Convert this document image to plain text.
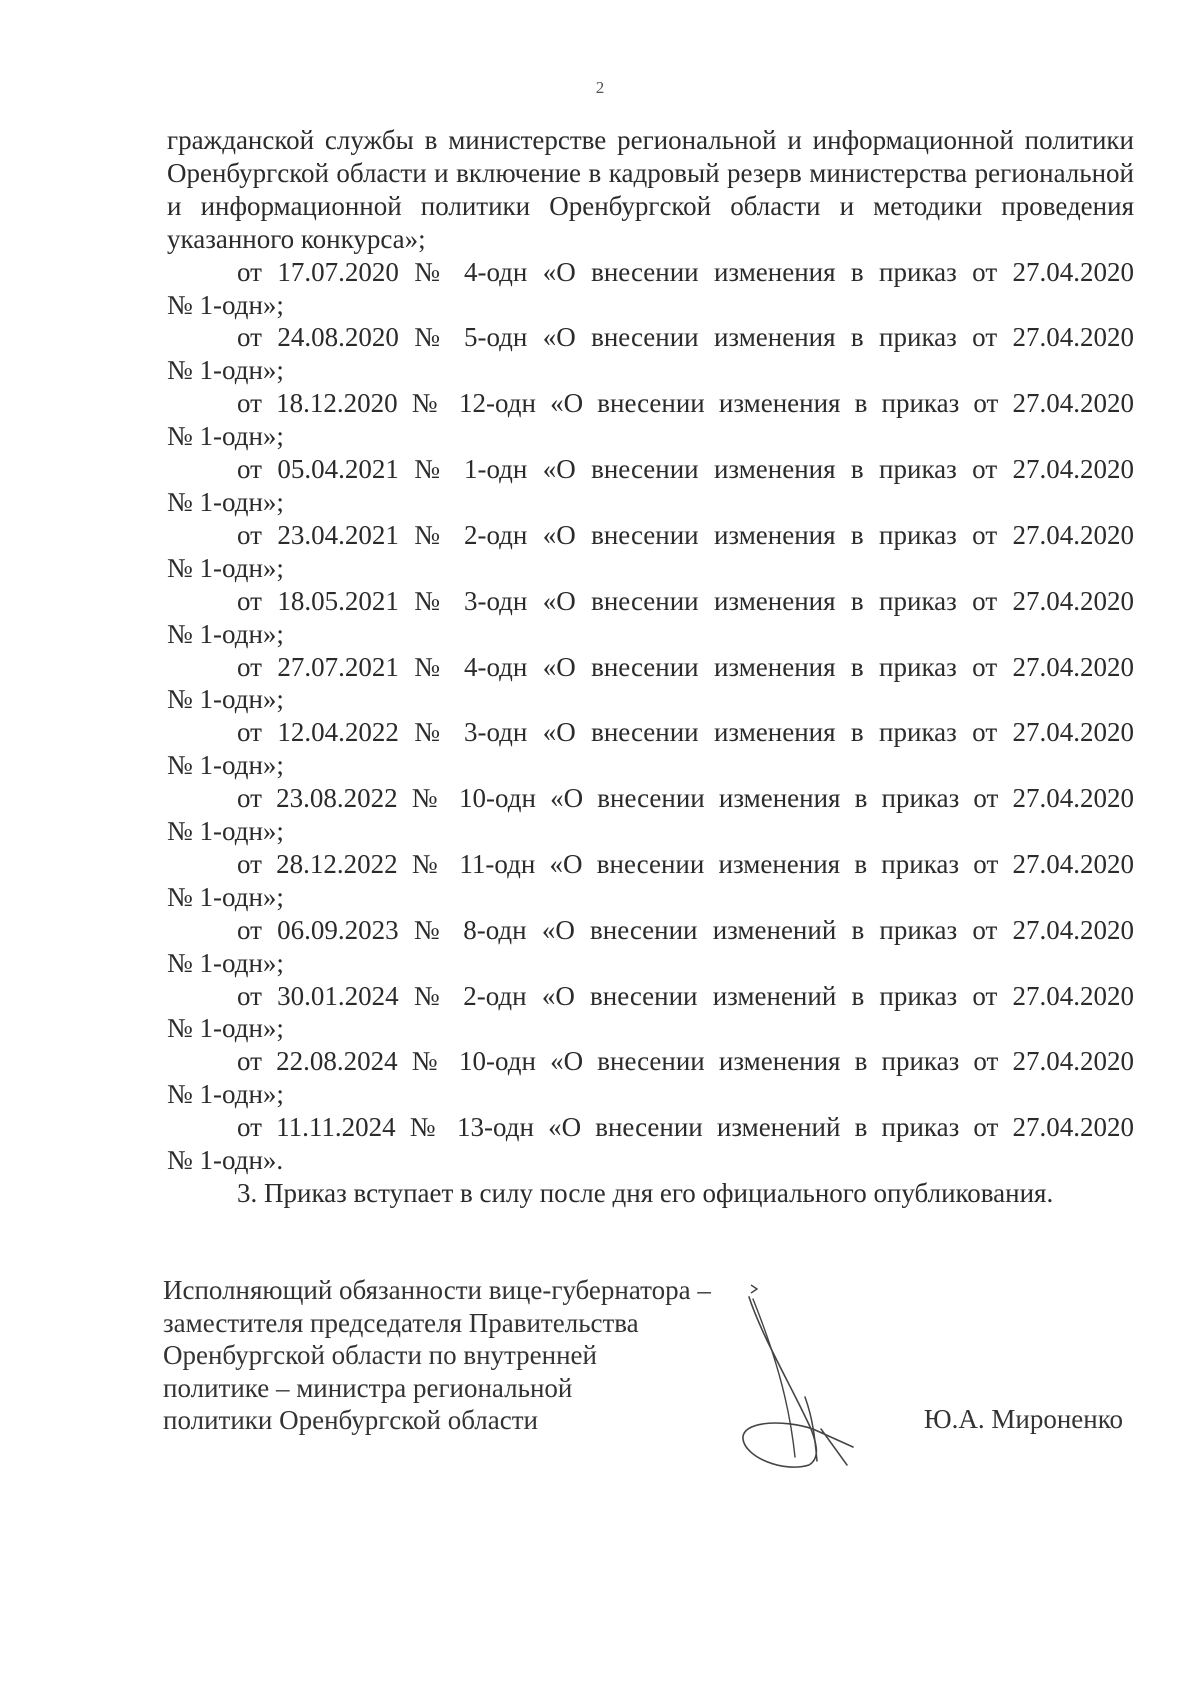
2

гражданской службы в министерстве региональной и информационной политики Оренбургской области и включение в кадровый резерв министерства региональной и информационной политики Оренбургской области и методики проведения указанного конкурса»;

от 17.07.2020 № 4-одн «О внесении изменения в приказ от 27.04.2020
№ 1-одн»;

от 24.08.2020 № 5-одн «О внесении изменения в приказ от 27.04.2020
№ 1-одн»;

от 18.12.2020 № 12-одн «О внесении изменения в приказ от 27.04.2020
№ 1-одн»;

от 05.04.2021 № 1-одн «О внесении изменения в приказ от 27.04.2020
№ 1-одн»;

от 23.04.2021 № 2-одн «О внесении изменения в приказ от 27.04.2020
№ 1-одн»;

от 18.05.2021 № 3-одн «О внесении изменения в приказ от 27.04.2020
№ 1-одн»;

от 27.07.2021 № 4-одн «О внесении изменения в приказ от 27.04.2020
№ 1-одн»;

от 12.04.2022 № 3-одн «О внесении изменения в приказ от 27.04.2020
№ 1-одн»;

от 23.08.2022 № 10-одн «О внесении изменения в приказ от 27.04.2020
№ 1-одн»;

от 28.12.2022 № 11-одн «О внесении изменения в приказ от 27.04.2020
№ 1-одн»;

от 06.09.2023 № 8-одн «О внесении изменений в приказ от 27.04.2020
№ 1-одн»;

от 30.01.2024 № 2-одн «О внесении изменений в приказ от 27.04.2020
№ 1-одн»;

от 22.08.2024 № 10-одн «О внесении изменения в приказ от 27.04.2020
№ 1-одн»;

от 11.11.2024 № 13-одн «О внесении изменений в приказ от 27.04.2020
№ 1-одн».

3. Приказ вступает в силу после дня его официального опубликования.

Исполняющий обязанности вице-губернатора –
заместителя председателя Правительства
Оренбургской области по внутренней
политике – министра региональной
политики Оренбургской области	Ю.А. Мироненко
